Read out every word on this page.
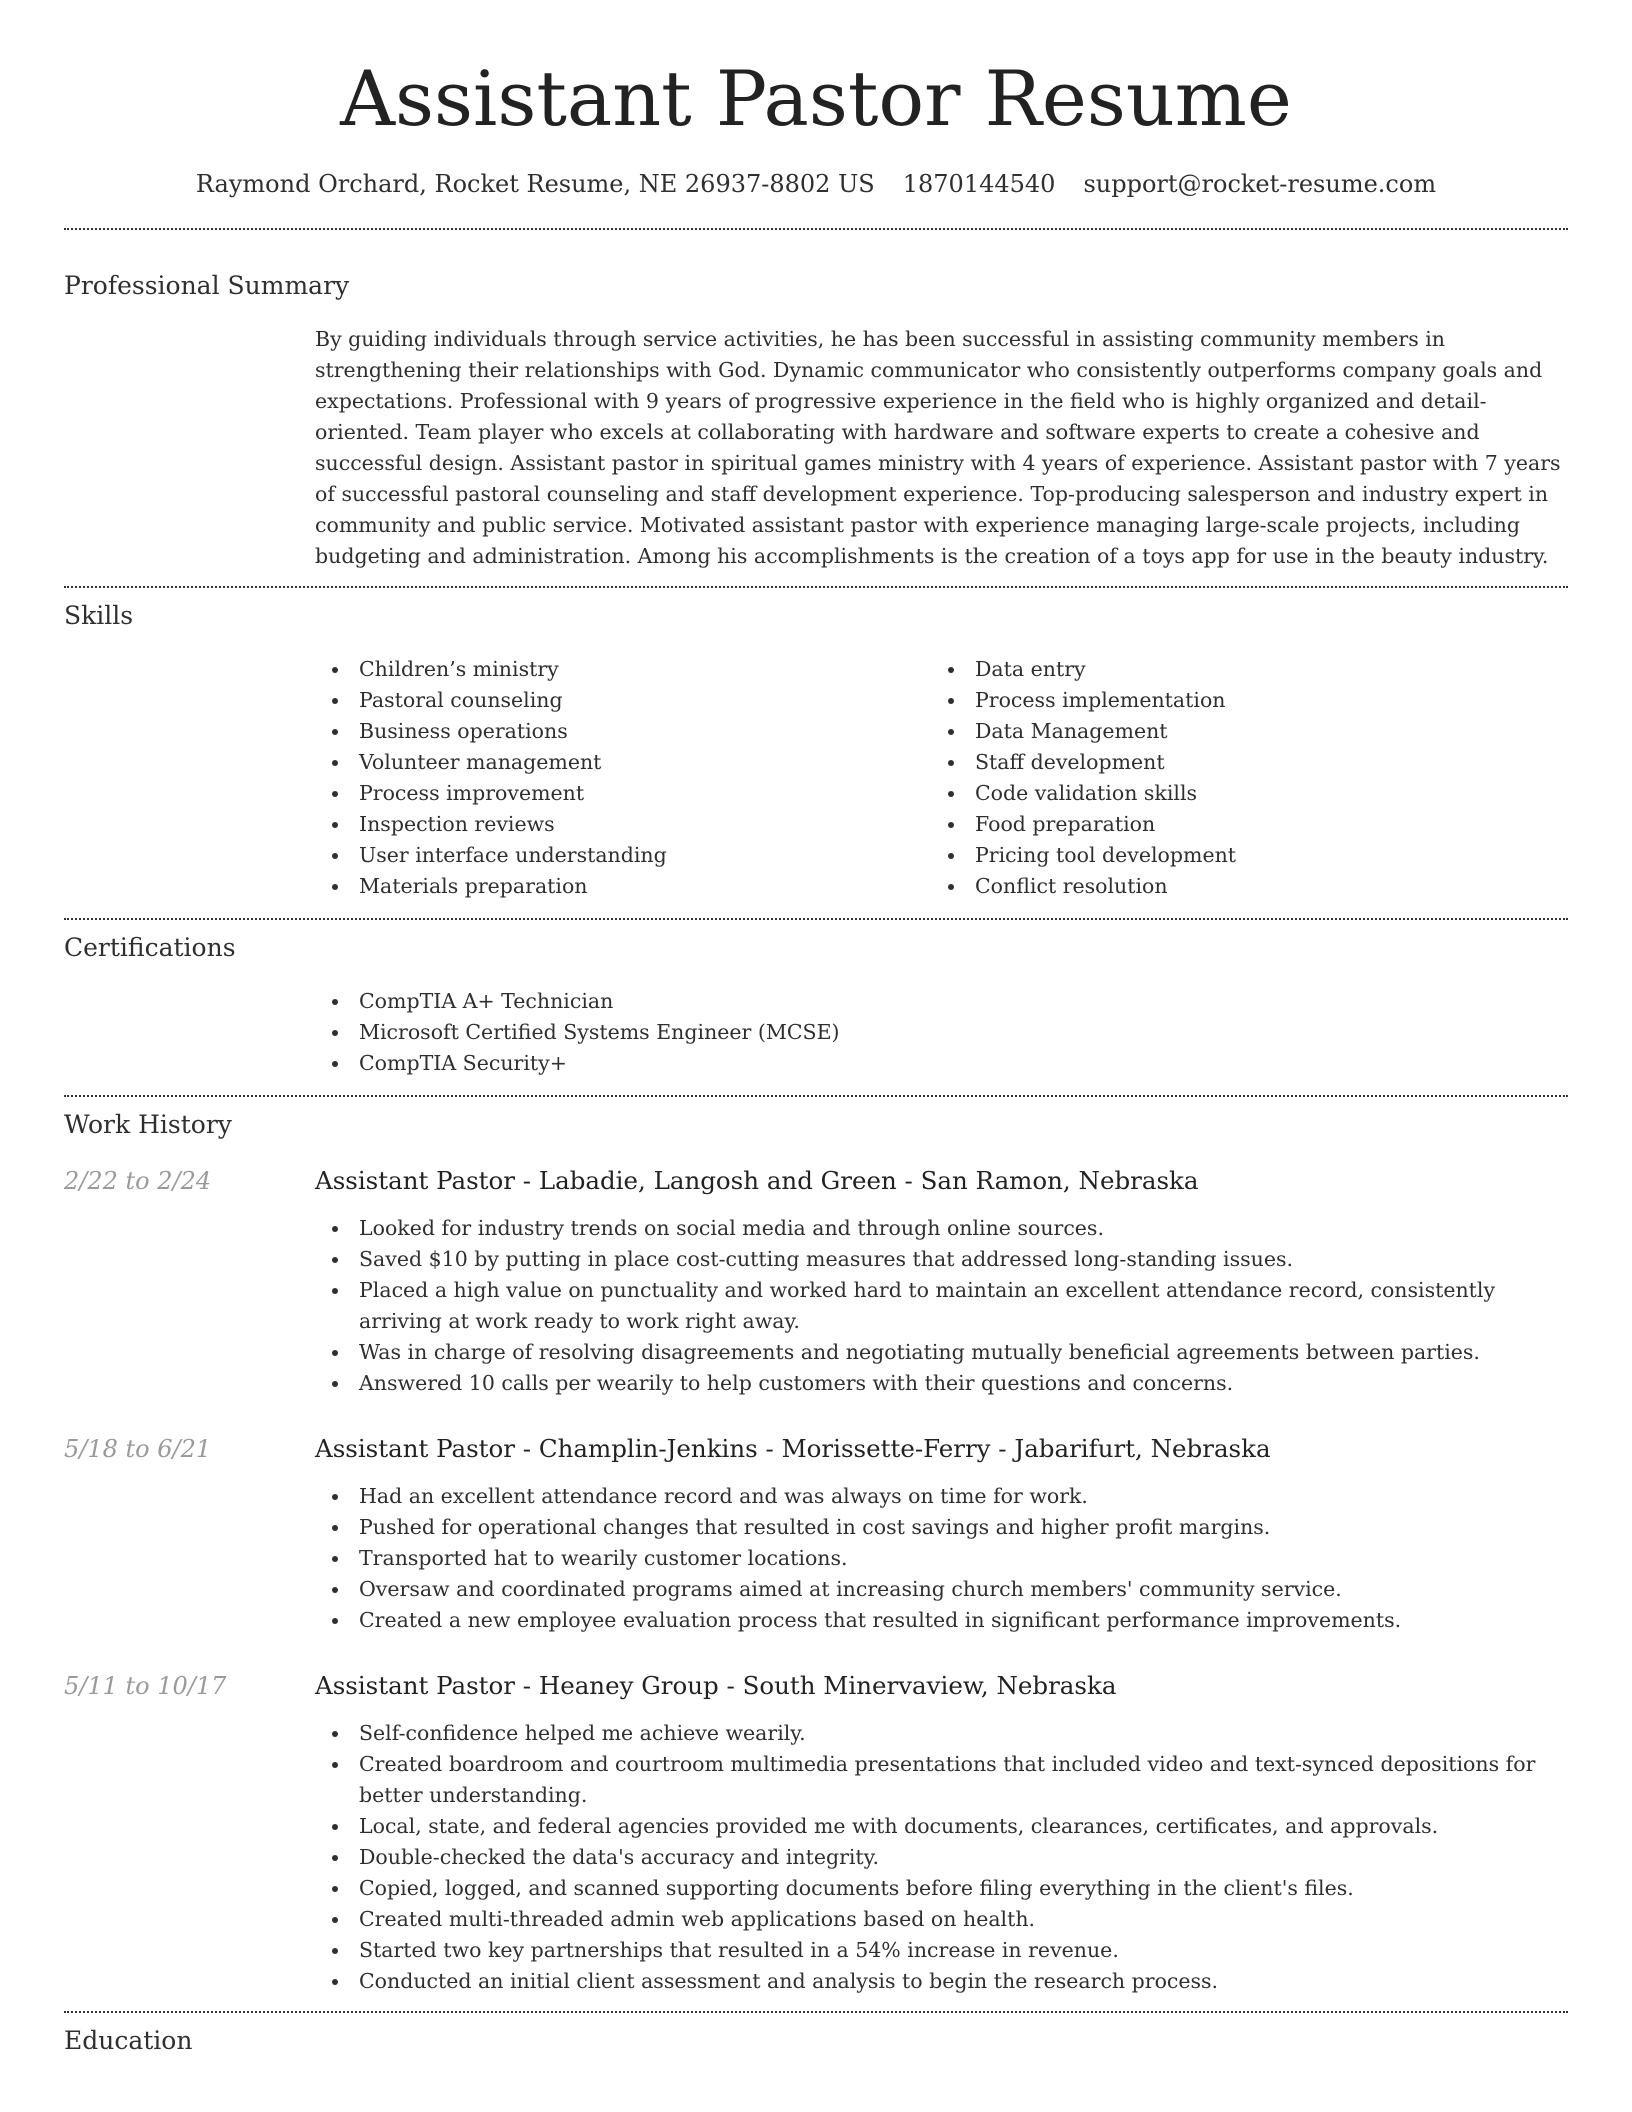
Assistant Pastor Resume
Raymond Orchard, Rocket Resume, NE 26937-8802 US 1870144540 support@rocket-resume.com
Professional Summary

By guiding individuals through service activities, he has been successful in assisting community members in strengthening their relationships with God. Dynamic communicator who consistently outperforms company goals and expectations. Professional with 9 years of progressive experience in the field who is highly organized and detail-oriented. Team player who excels at collaborating with hardware and software experts to create a cohesive and successful design. Assistant pastor in spiritual games ministry with 4 years of experience. Assistant pastor with 7 years of successful pastoral counseling and staff development experience. Top-producing salesperson and industry expert in community and public service. Motivated assistant pastor with experience managing large-scale projects, including budgeting and administration. Among his accomplishments is the creation of a toys app for use in the beauty industry.

Skills
Children’s ministry
Pastoral counseling
Business operations
Volunteer management
Process improvement
Inspection reviews
User interface understanding
Materials preparation
Data entry
Process implementation
Data Management
Staff development
Code validation skills
Food preparation
Pricing tool development
Conflict resolution
Certifications
CompTIA A+ Technician
Microsoft Certified Systems Engineer (MCSE)
CompTIA Security+
Work History
2/22 to 2/24	Assistant Pastor - Labadie, Langosh and Green - San Ramon, Nebraska
Looked for industry trends on social media and through online sources.
Saved $10 by putting in place cost-cutting measures that addressed long-standing issues.
Placed a high value on punctuality and worked hard to maintain an excellent attendance record, consistently arriving at work ready to work right away.
Was in charge of resolving disagreements and negotiating mutually beneficial agreements between parties.
Answered 10 calls per wearily to help customers with their questions and concerns.
5/18 to 6/21	Assistant Pastor - Champlin-Jenkins - Morissette-Ferry - Jabarifurt, Nebraska
Had an excellent attendance record and was always on time for work.
Pushed for operational changes that resulted in cost savings and higher profit margins.
Transported hat to wearily customer locations.
Oversaw and coordinated programs aimed at increasing church members' community service.
Created a new employee evaluation process that resulted in significant performance improvements.
5/11 to 10/17	Assistant Pastor - Heaney Group - South Minervaview, Nebraska
Self-confidence helped me achieve wearily.
Created boardroom and courtroom multimedia presentations that included video and text-synced depositions for better understanding.
Local, state, and federal agencies provided me with documents, clearances, certificates, and approvals.
Double-checked the data's accuracy and integrity.
Copied, logged, and scanned supporting documents before filing everything in the client's files.
Created multi-threaded admin web applications based on health.
Started two key partnerships that resulted in a 54% increase in revenue.
Conducted an initial client assessment and analysis to begin the research process.
Education
